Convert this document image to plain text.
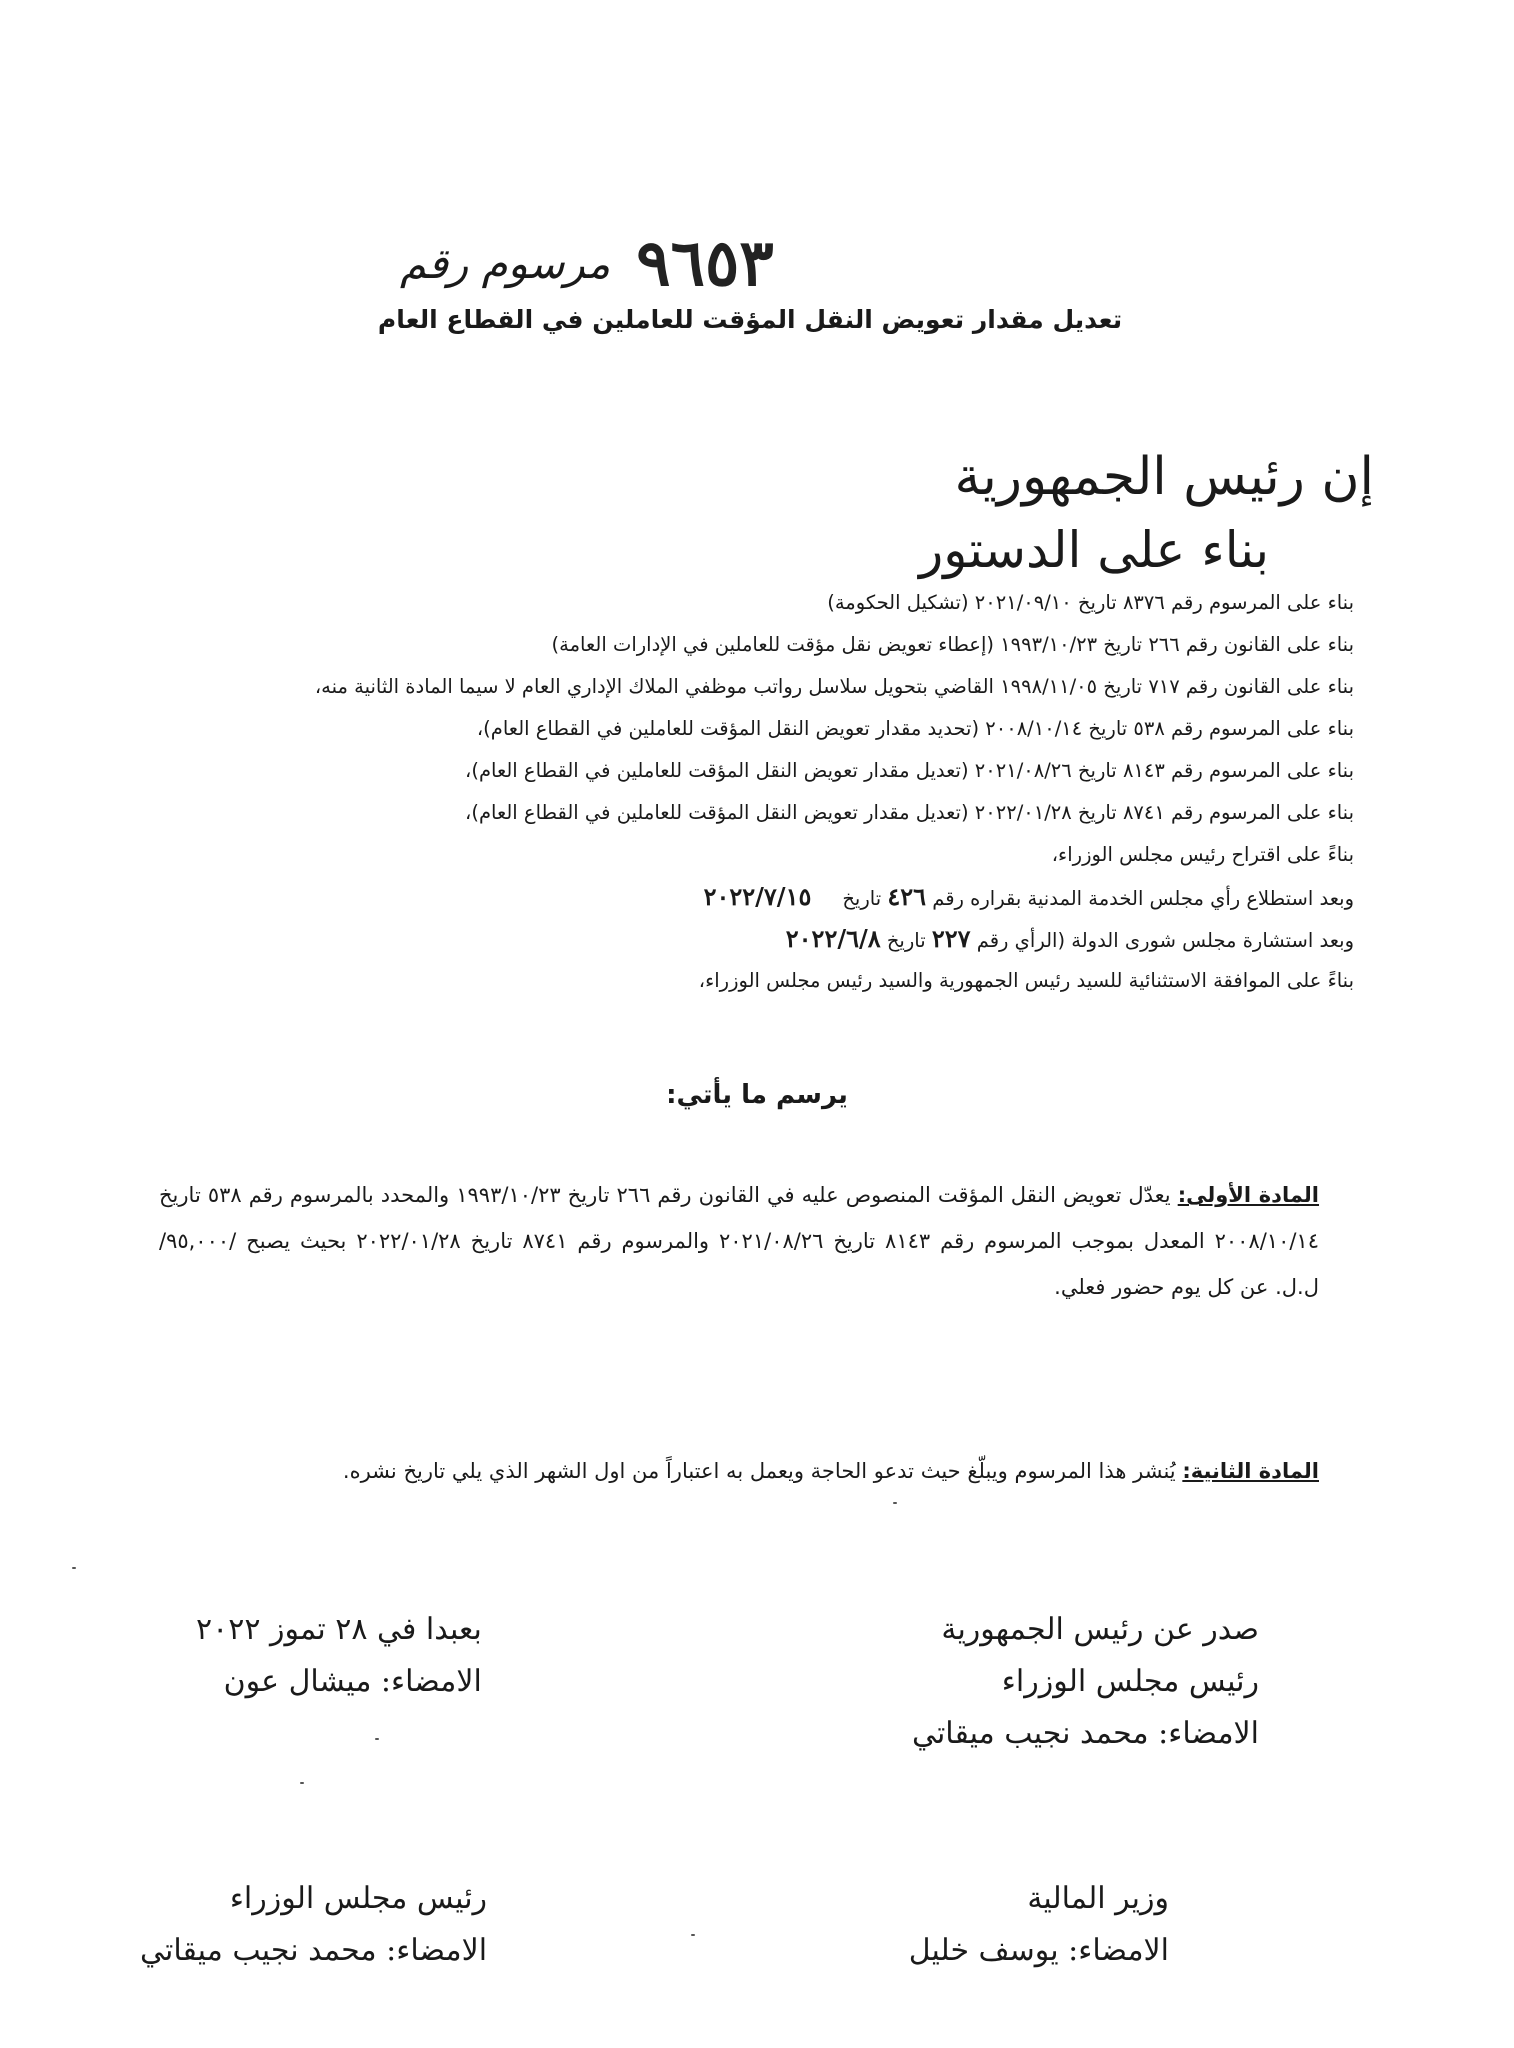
مرسوم رقم ٩٦٥٣
تعديل مقدار تعويض النقل المؤقت للعاملين في القطاع العام
إن رئيس الجمهورية
بناء على الدستور
بناء على المرسوم رقم ٨٣٧٦ تاريخ ٢٠٢١/٠٩/١٠ (تشكيل الحكومة)
بناء على القانون رقم ٢٦٦ تاريخ ١٩٩٣/١٠/٢٣ (إعطاء تعويض نقل مؤقت للعاملين في الإدارات العامة)
بناء على القانون رقم ٧١٧ تاريخ ١٩٩٨/١١/٠٥ القاضي بتحويل سلاسل رواتب موظفي الملاك الإداري العام لا سيما المادة الثانية منه،
بناء على المرسوم رقم ٥٣٨ تاريخ ٢٠٠٨/١٠/١٤ (تحديد مقدار تعويض النقل المؤقت للعاملين في القطاع العام)،
بناء على المرسوم رقم ٨١٤٣ تاريخ ٢٠٢١/٠٨/٢٦ (تعديل مقدار تعويض النقل المؤقت للعاملين في القطاع العام)،
بناء على المرسوم رقم ٨٧٤١ تاريخ ٢٠٢٢/٠١/٢٨ (تعديل مقدار تعويض النقل المؤقت للعاملين في القطاع العام)،
بناءً على اقتراح رئيس مجلس الوزراء،
وبعد استطلاع رأي مجلس الخدمة المدنية بقراره رقم ٤٢٦ تاريخ     ٢٠٢٢/٧/١٥
وبعد استشارة مجلس شورى الدولة (الرأي رقم ٢٢٧ تاريخ ٢٠٢٢/٦/٨
بناءً على الموافقة الاستثنائية للسيد رئيس الجمهورية والسيد رئيس مجلس الوزراء،
يرسم ما يأتي:
المادة الأولى: يعدّل تعويض النقل المؤقت المنصوص عليه في القانون رقم ٢٦٦ تاريخ ١٩٩٣/١٠/٢٣ والمحدد بالمرسوم رقم ٥٣٨ تاريخ ٢٠٠٨/١٠/١٤ المعدل بموجب المرسوم رقم ٨١٤٣ تاريخ ٢٠٢١/٠٨/٢٦ والمرسوم رقم ٨٧٤١ تاريخ ٢٠٢٢/٠١/٢٨ بحيث يصبح /٩٥,٠٠٠/ ل.ل. عن كل يوم حضور فعلي.
المادة الثانية: يُنشر هذا المرسوم ويبلّغ حيث تدعو الحاجة ويعمل به اعتباراً من اول الشهر الذي يلي تاريخ نشره.
صدر عن رئيس الجمهورية
رئيس مجلس الوزراء
الامضاء: محمد نجيب ميقاتي
بعبدا في ٢٨ تموز ٢٠٢٢
الامضاء: ميشال عون
وزير المالية
الامضاء: يوسف خليل
رئيس مجلس الوزراء
الامضاء: محمد نجيب ميقاتي
